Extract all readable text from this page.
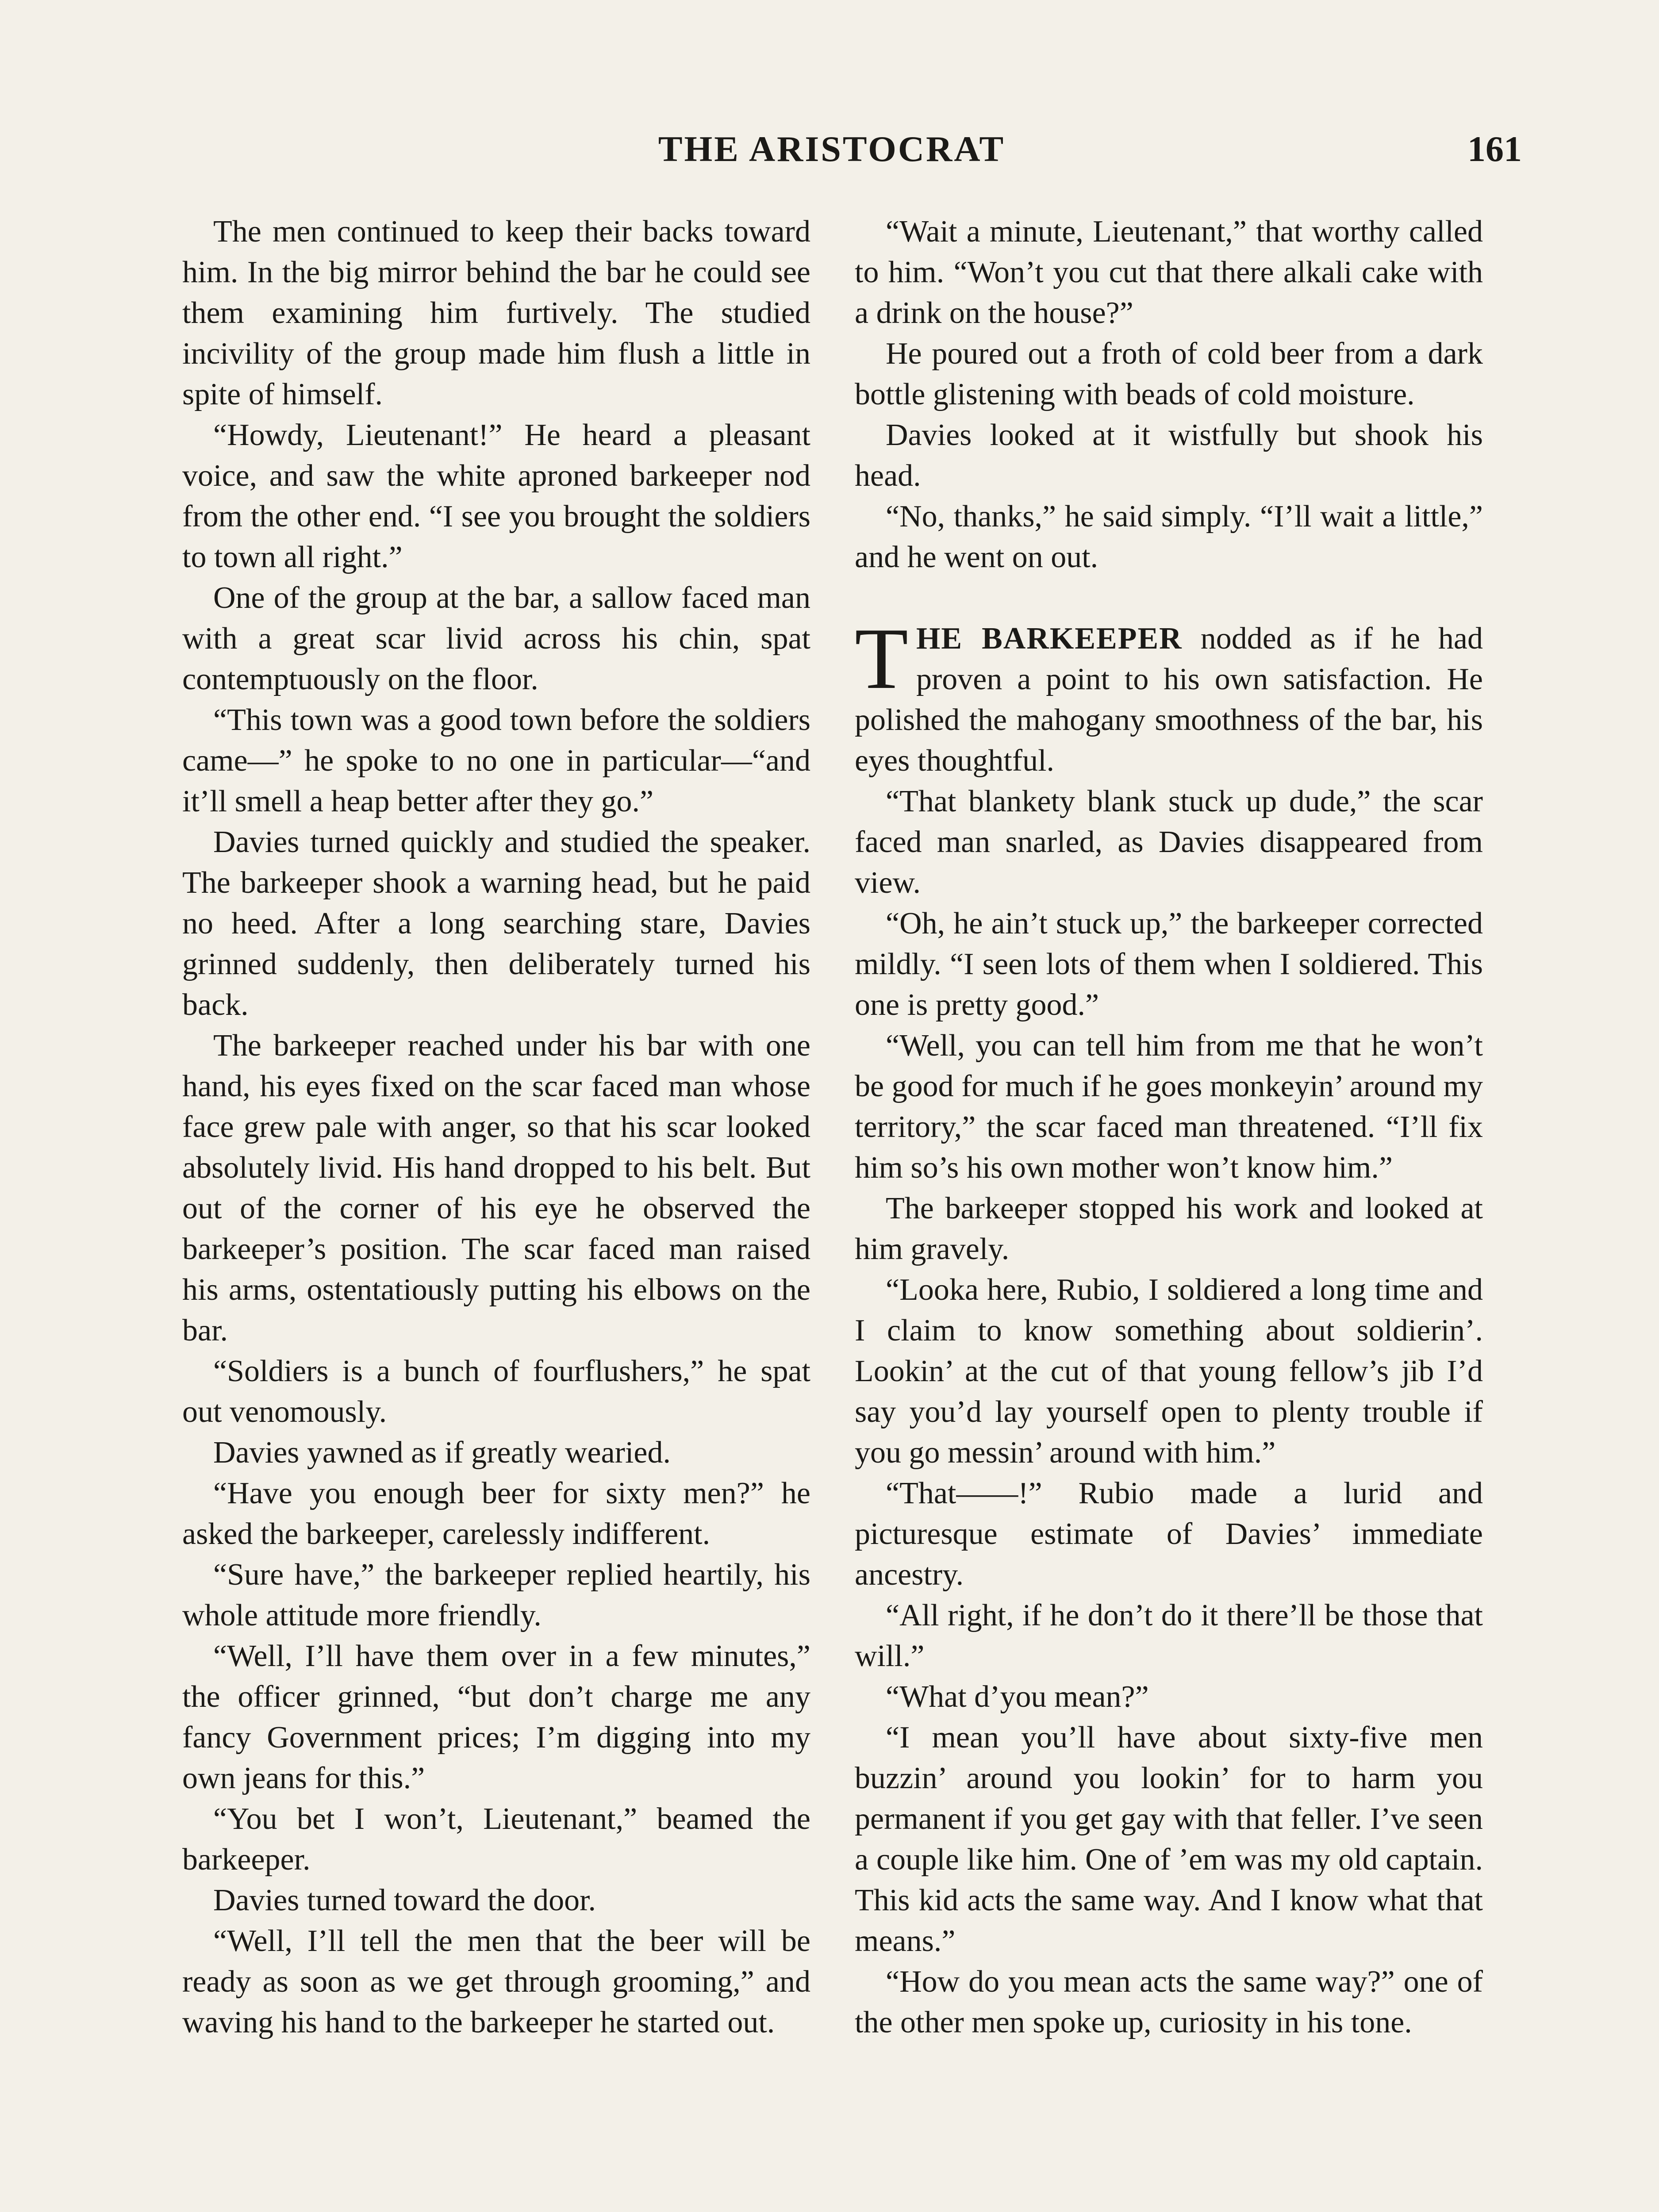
THE ARISTOCRAT	161

The men continued to keep their backs toward him. In the big mirror behind the bar he could see them examining him furtively. The studied incivility of the group made him flush a little in spite of himself.

“Howdy, Lieutenant!” He heard a pleasant voice, and saw the white aproned barkeeper nod from the other end. “I see you brought the soldiers to town all right.”

One of the group at the bar, a sallow faced man with a great scar livid across his chin, spat contemptuously on the floor.

“This town was a good town before the soldiers came—” he spoke to no one in particular—“and it’ll smell a heap better after they go.”

Davies turned quickly and studied the speaker. The barkeeper shook a warning head, but he paid no heed. After a long searching stare, Davies grinned suddenly, then deliberately turned his back.

The barkeeper reached under his bar with one hand, his eyes fixed on the scar faced man whose face grew pale with anger, so that his scar looked absolutely livid. His hand dropped to his belt. But out of the corner of his eye he observed the barkeeper’s position. The scar faced man raised his arms, ostentatiously putting his elbows on the bar.

“Soldiers is a bunch of fourflushers,” he spat out venomously.

Davies yawned as if greatly wearied.

“Have you enough beer for sixty men?” he asked the barkeeper, carelessly indifferent.

“Sure have,” the barkeeper replied heartily, his whole attitude more friendly.

“Well, I’ll have them over in a few minutes,” the officer grinned, “but don’t charge me any fancy Government prices; I’m digging into my own jeans for this.”

“You bet I won’t, Lieutenant,” beamed the barkeeper.

Davies turned toward the door.

“Well, I’ll tell the men that the beer will be ready as soon as we get through grooming,” and waving his hand to the barkeeper he started out.

“Wait a minute, Lieutenant,” that worthy called to him. “Won’t you cut that there alkali cake with a drink on the house?”

He poured out a froth of cold beer from a dark bottle glistening with beads of cold moisture.

Davies looked at it wistfully but shook his head.

“No, thanks,” he said simply. “I’ll wait a little,” and he went on out.

THE BARKEEPER nodded as if he had proven a point to his own satisfaction. He polished the mahogany smoothness of the bar, his eyes thoughtful.

“That blankety blank stuck up dude,” the scar faced man snarled, as Davies disappeared from view.

“Oh, he ain’t stuck up,” the barkeeper corrected mildly. “I seen lots of them when I soldiered. This one is pretty good.”

“Well, you can tell him from me that he won’t be good for much if he goes monkeyin’ around my territory,” the scar faced man threatened. “I’ll fix him so’s his own mother won’t know him.”

The barkeeper stopped his work and looked at him gravely.

“Looka here, Rubio, I soldiered a long time and I claim to know something about soldierin’. Lookin’ at the cut of that young fellow’s jib I’d say you’d lay yourself open to plenty trouble if you go messin’ around with him.”

“That——!” Rubio made a lurid and picturesque estimate of Davies’ immediate ancestry.

“All right, if he don’t do it there’ll be those that will.”

“What d’you mean?”

“I mean you’ll have about sixty-five men buzzin’ around you lookin’ for to harm you permanent if you get gay with that feller. I’ve seen a couple like him. One of ’em was my old captain. This kid acts the same way. And I know what that means.”

“How do you mean acts the same way?” one of the other men spoke up, curiosity in his tone.
